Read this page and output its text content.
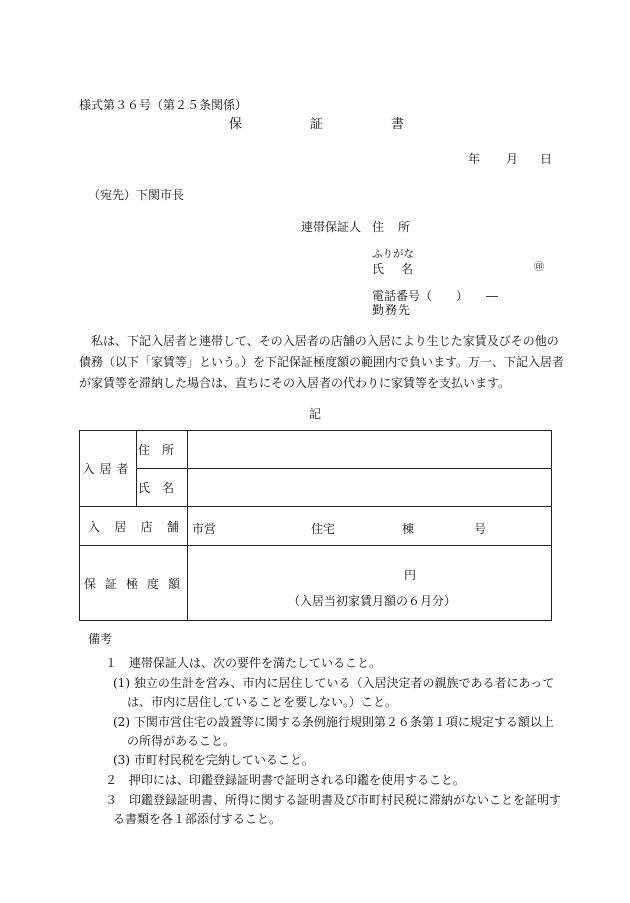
様式第３６号（第２５条関係）
保	証	書
年 月 日
（宛先）下関市長
連帯保証人 住所
ふりがな
氏名	㊞
電話番号（　　）　　―
勤務先

　私は、下記入居者と連帯して、その入居者の店舗の入居により生じた家賃及びその他の

債務（以下「家賃等」という。）を下記保証極度額の範囲内で負います。万一、下記入居者

が家賃等を滞納した場合は、直ちにその入居者の代わりに家賃等を支払います。

記
入居者	住所	
	氏名	

入 居 店 舗		市営 住宅 棟 号

保 証 極 度 額		円
（入居当初家賃月額の６月分）
備考
１　連帯保証人は、次の要件を満たしていること。
(1) 独立の生計を営み、市内に居住している（入居決定者の親族である者にあって
は、市内に居住していることを要しない。）こと。
(2) 下関市営住宅の設置等に関する条例施行規則第２６条第１項に規定する額以上
の所得があること。
(3) 市町村民税を完納していること。
２　押印には、印鑑登録証明書で証明される印鑑を使用すること。
３　印鑑登録証明書、所得に関する証明書及び市町村民税に滞納がないことを証明す
る書類を各１部添付すること。
